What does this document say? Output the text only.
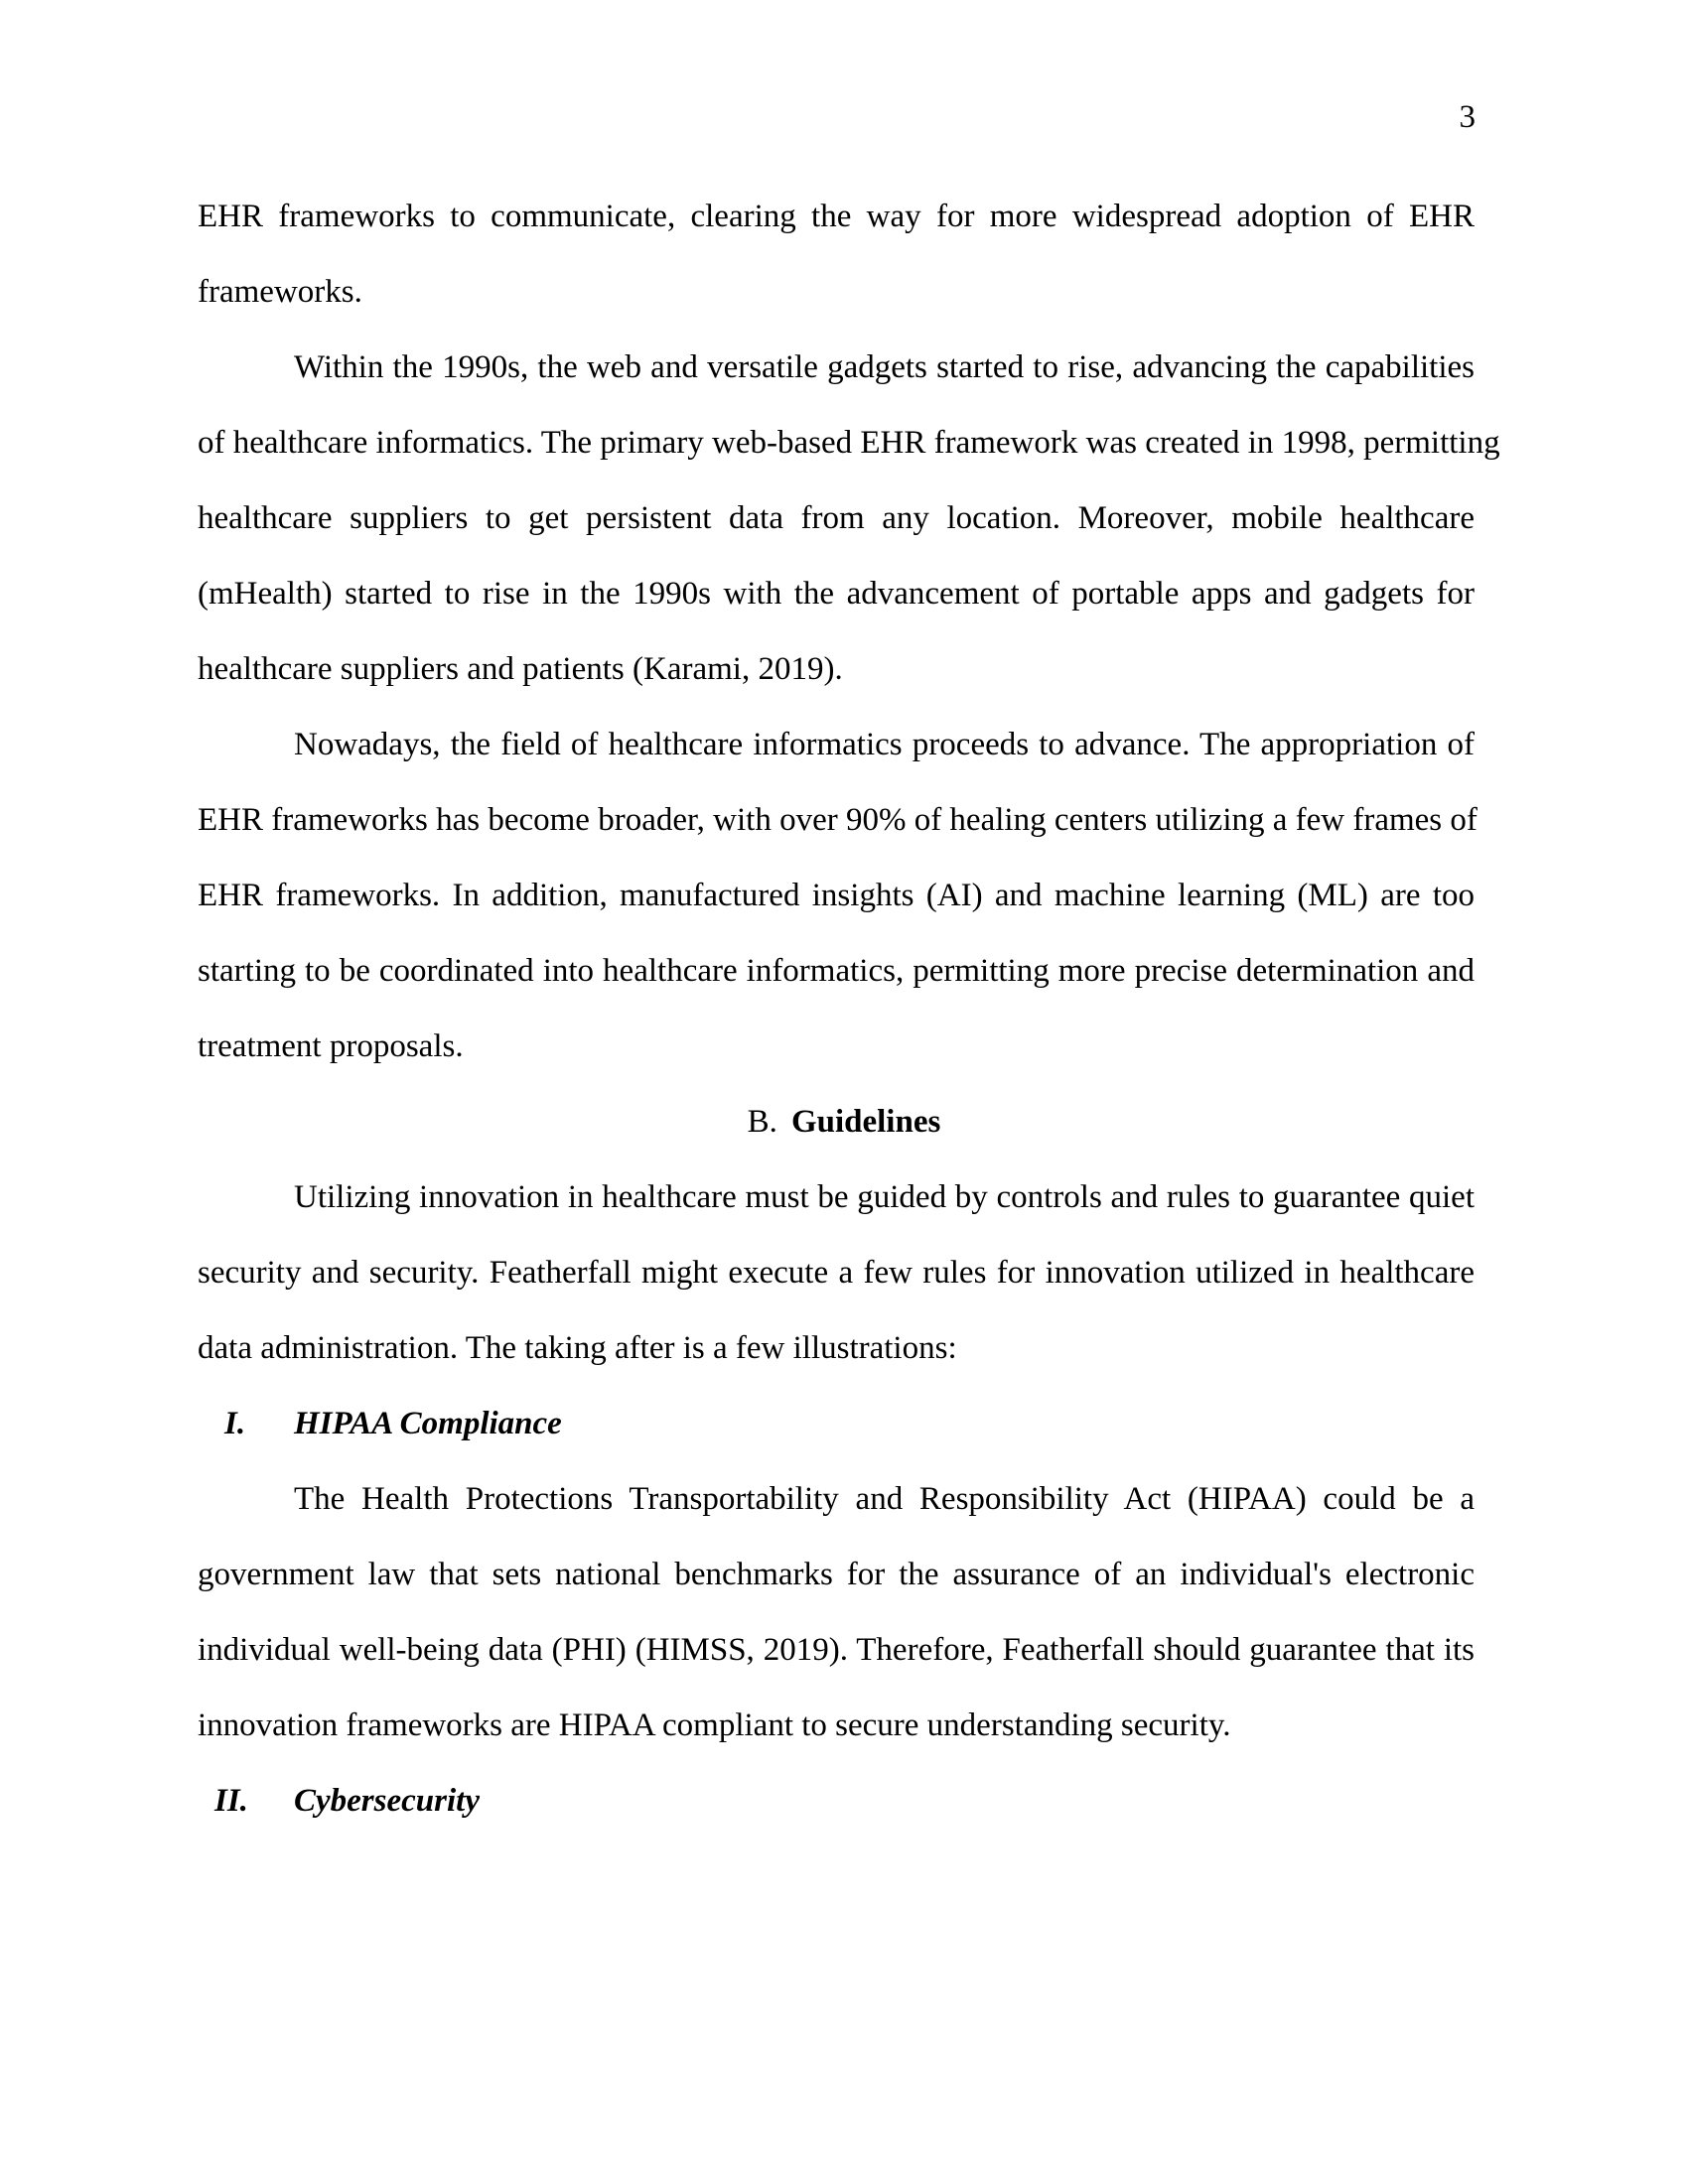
3
EHR frameworks to communicate, clearing the way for more widespread adoption of EHR
frameworks.
Within the 1990s, the web and versatile gadgets started to rise, advancing the capabilities
of healthcare informatics. The primary web-based EHR framework was created in 1998, permitting
healthcare suppliers to get persistent data from any location. Moreover, mobile healthcare
(mHealth) started to rise in the 1990s with the advancement of portable apps and gadgets for
healthcare suppliers and patients (Karami, 2019).
Nowadays, the field of healthcare informatics proceeds to advance. The appropriation of
EHR frameworks has become broader, with over 90% of healing centers utilizing a few frames of
EHR frameworks. In addition, manufactured insights (AI) and machine learning (ML) are too
starting to be coordinated into healthcare informatics, permitting more precise determination and
treatment proposals.
B. Guidelines
Utilizing innovation in healthcare must be guided by controls and rules to guarantee quiet
security and security. Featherfall might execute a few rules for innovation utilized in healthcare
data administration. The taking after is a few illustrations:
I. HIPAA Compliance
The Health Protections Transportability and Responsibility Act (HIPAA) could be a
government law that sets national benchmarks for the assurance of an individual's electronic
individual well-being data (PHI) (HIMSS, 2019). Therefore, Featherfall should guarantee that its
innovation frameworks are HIPAA compliant to secure understanding security.
II. Cybersecurity
